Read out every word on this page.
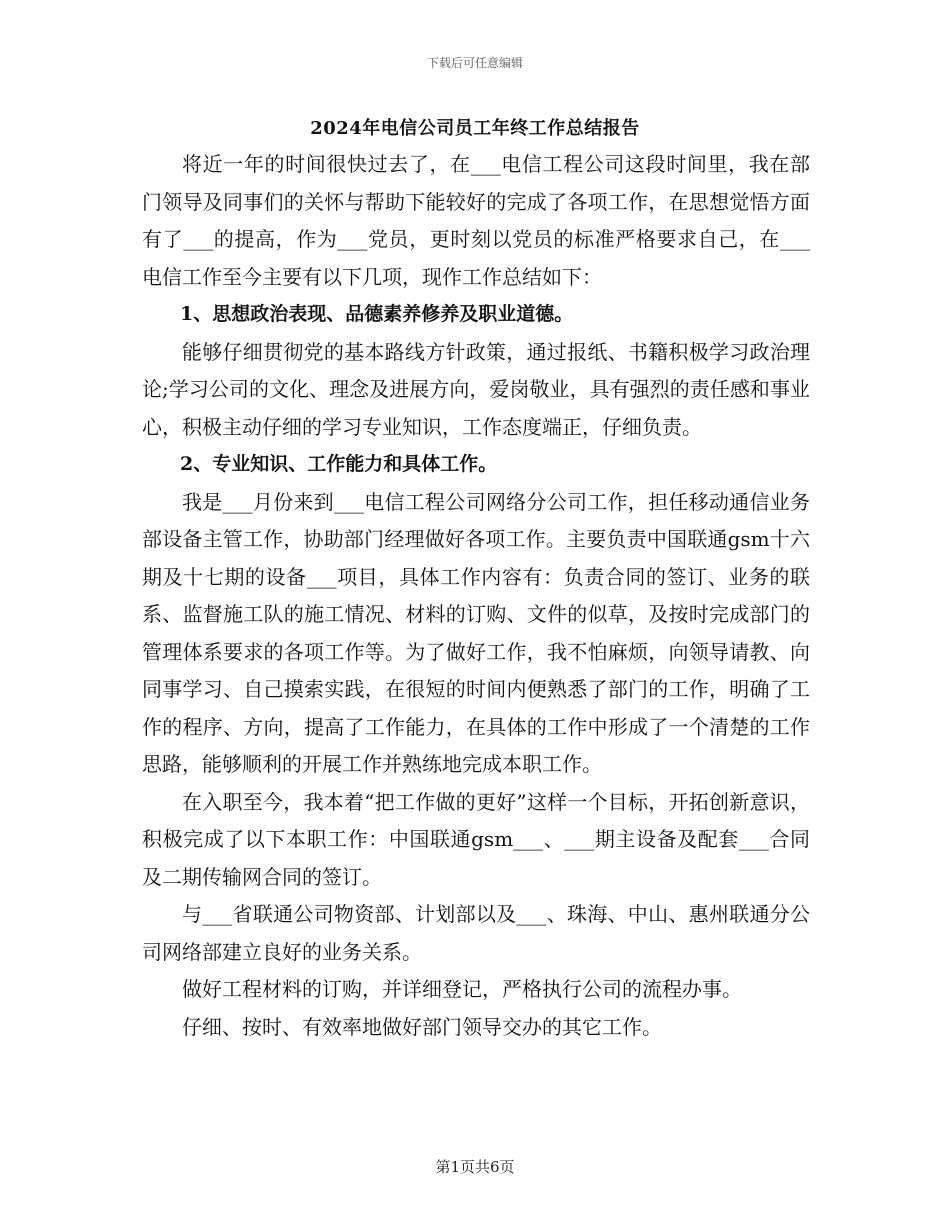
下载后可任意编辑
2024年电信公司员工年终工作总结报告

将近一年的时间很快过去了，在___电信工程公司这段时间里，我在部门领导及同事们的关怀与帮助下能较好的完成了各项工作，在思想觉悟方面有了___的提高，作为___党员，更时刻以党员的标准严格要求自己，在___电信工作至今主要有以下几项，现作工作总结如下：

1、思想政治表现、品德素养修养及职业道德。

能够仔细贯彻党的基本路线方针政策，通过报纸、书籍积极学习政治理论;学习公司的文化、理念及进展方向，爱岗敬业，具有强烈的责任感和事业心，积极主动仔细的学习专业知识，工作态度端正，仔细负责。

2、专业知识、工作能力和具体工作。

我是___月份来到___电信工程公司网络分公司工作，担任移动通信业务部设备主管工作，协助部门经理做好各项工作。主要负责中国联通gsm十六期及十七期的设备___项目，具体工作内容有：负责合同的签订、业务的联系、监督施工队的施工情况、材料的订购、文件的似草，及按时完成部门的管理体系要求的各项工作等。为了做好工作，我不怕麻烦，向领导请教、向同事学习、自己摸索实践，在很短的时间内便熟悉了部门的工作，明确了工作的程序、方向，提高了工作能力，在具体的工作中形成了一个清楚的工作思路，能够顺利的开展工作并熟练地完成本职工作。

在入职至今，我本着“把工作做的更好”这样一个目标，开拓创新意识，积极完成了以下本职工作：中国联通gsm___、___期主设备及配套___合同及二期传输网合同的签订。

与___省联通公司物资部、计划部以及___、珠海、中山、惠州联通分公司网络部建立良好的业务关系。

做好工程材料的订购，并详细登记，严格执行公司的流程办事。

仔细、按时、有效率地做好部门领导交办的其它工作。

第1页共6页
